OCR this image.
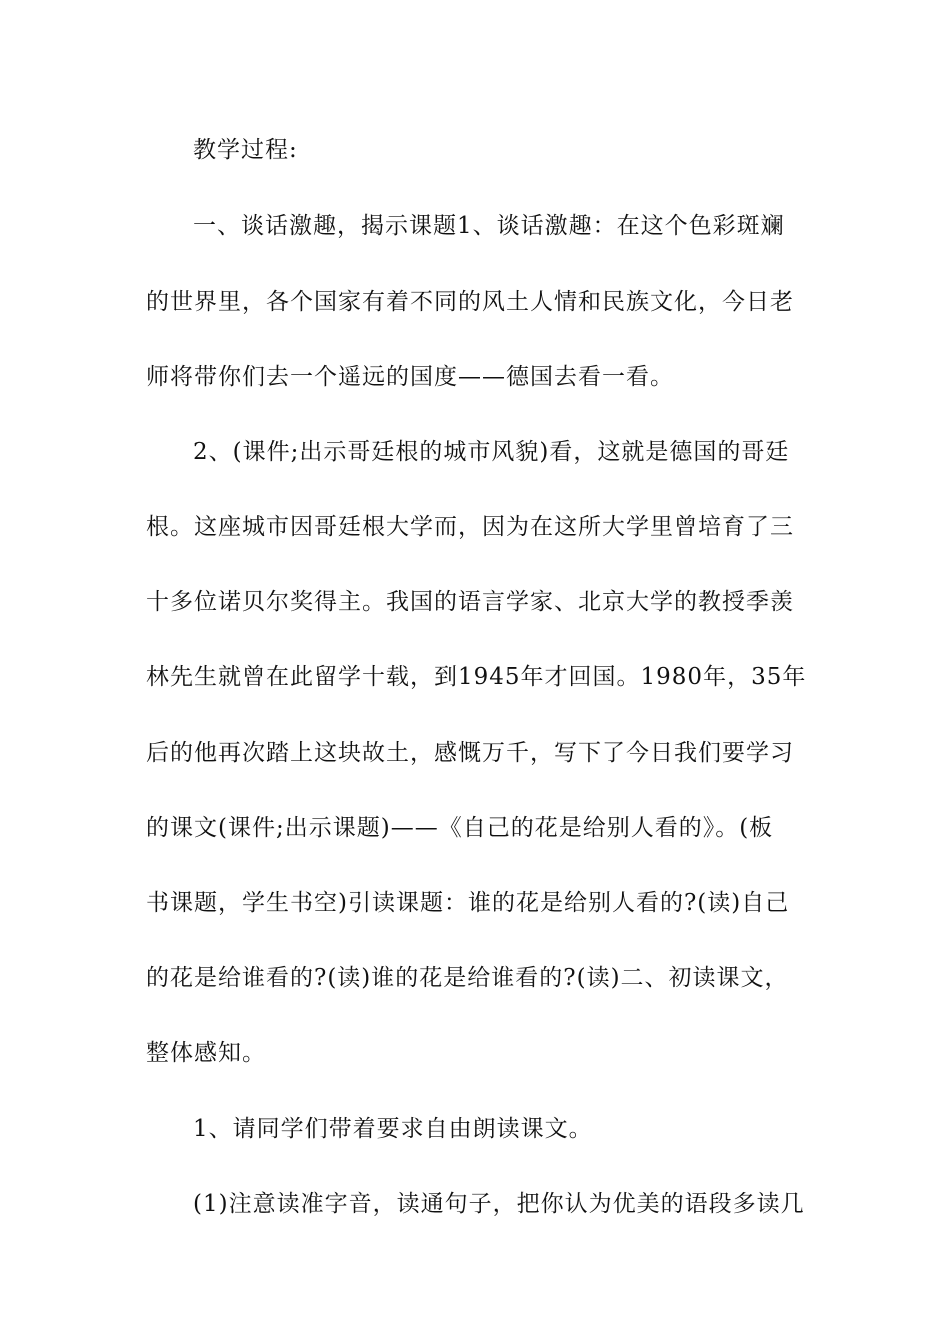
教学过程:
一、谈话激趣，揭示课题1、谈话激趣：在这个色彩斑斓
的世界里，各个国家有着不同的风土人情和民族文化，今日老
师将带你们去一个遥远的国度——德国去看一看。
2、(课件;出示哥廷根的城市风貌)看，这就是德国的哥廷
根。这座城市因哥廷根大学而，因为在这所大学里曾培育了三
十多位诺贝尔奖得主。我国的语言学家、北京大学的教授季羡
林先生就曾在此留学十载，到1945年才回国。1980年，35年
后的他再次踏上这块故土，感慨万千，写下了今日我们要学习
的课文(课件;出示课题)——《自己的花是给别人看的》。(板
书课题，学生书空)引读课题：谁的花是给别人看的?(读)自己
的花是给谁看的?(读)谁的花是给谁看的?(读)二、初读课文，
整体感知。
1、请同学们带着要求自由朗读课文。
(1)注意读准字音，读通句子，把你认为优美的语段多读几
